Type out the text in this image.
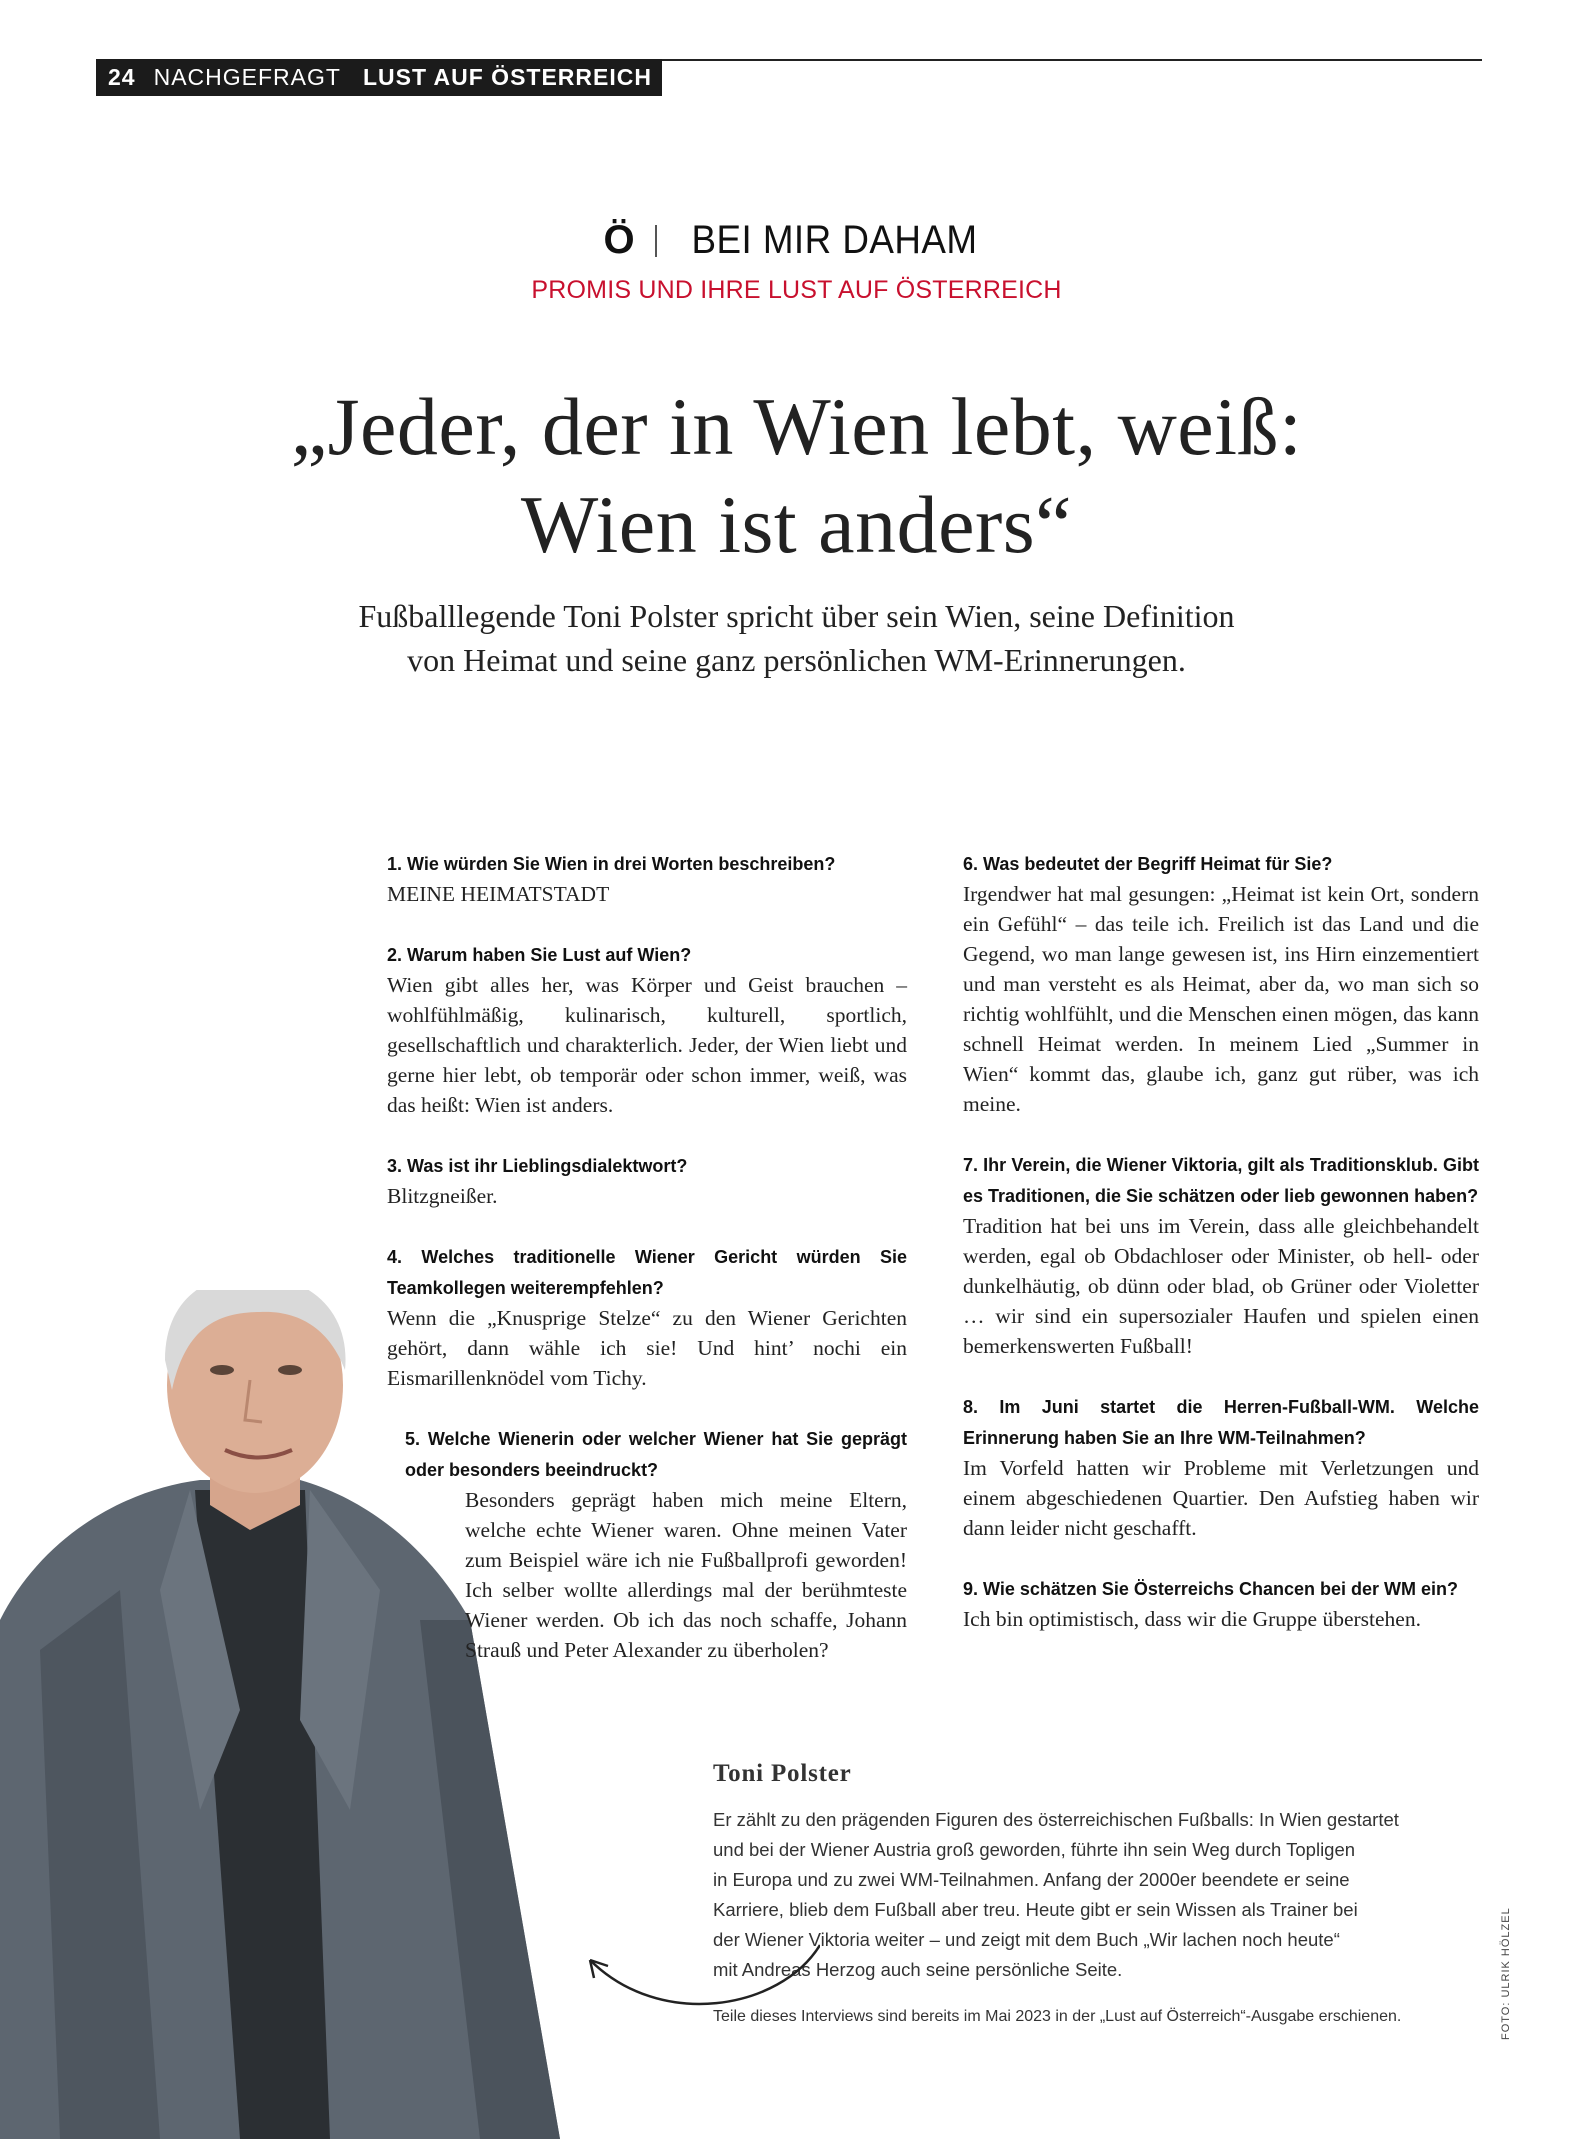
24 NACHGEFRAGT LUST AUF ÖSTERREICH
Ö BEI MIR DAHAM
PROMIS UND IHRE LUST AUF ÖSTERREICH
„Jeder, der in Wien lebt, weiß:
Wien ist anders“
Fußballlegende Toni Polster spricht über sein Wien, seine Definition
von Heimat und seine ganz persönlichen WM-Erinnerungen.
1. Wie würden Sie Wien in drei Worten beschreiben?
MEINE HEIMATSTADT
2. Warum haben Sie Lust auf Wien?
Wien gibt alles her, was Körper und Geist brauchen – wohlfühlmäßig, kulinarisch, kulturell, sportlich, gesellschaftlich und charakterlich. Jeder, der Wien liebt und gerne hier lebt, ob temporär oder schon immer, weiß, was das heißt: Wien ist anders.
3. Was ist ihr Lieblingsdialektwort?
Blitzgneißer.
4. Welches traditionelle Wiener Gericht würden Sie Teamkollegen weiterempfehlen?
Wenn die „Knusprige Stelze“ zu den Wiener Gerichten gehört, dann wähle ich sie! Und hint’ nochi ein Eismarillenknödel vom Tichy.
5. Welche Wienerin oder welcher Wiener hat Sie geprägt oder besonders beeindruckt?
Besonders geprägt haben mich meine Eltern, welche echte Wiener waren. Ohne meinen Vater zum Beispiel wäre ich nie Fußballprofi geworden! Ich selber wollte allerdings mal der berühmteste Wiener werden. Ob ich das noch schaffe, Johann Strauß und Peter Alexander zu überholen?
6. Was bedeutet der Begriff Heimat für Sie?
Irgendwer hat mal gesungen: „Heimat ist kein Ort, sondern ein Gefühl“ – das teile ich. Freilich ist das Land und die Gegend, wo man lange gewesen ist, ins Hirn einzementiert und man versteht es als Heimat, aber da, wo man sich so richtig wohlfühlt, und die Menschen einen mögen, das kann schnell Heimat werden. In meinem Lied „Summer in Wien“ kommt das, glaube ich, ganz gut rüber, was ich meine.
7. Ihr Verein, die Wiener Viktoria, gilt als Traditionsklub. Gibt es Traditionen, die Sie schätzen oder lieb gewonnen haben?
Tradition hat bei uns im Verein, dass alle gleichbehandelt werden, egal ob Obdachloser oder Minister, ob hell- oder dunkelhäutig, ob dünn oder blad, ob Grüner oder Violetter … wir sind ein supersozialer Haufen und spielen einen bemerkenswerten Fußball!
8. Im Juni startet die Herren-Fußball-WM. Welche Erinnerung haben Sie an Ihre WM-Teilnahmen?
Im Vorfeld hatten wir Probleme mit Verletzungen und einem abgeschiedenen Quartier. Den Aufstieg haben wir dann leider nicht geschafft.
9. Wie schätzen Sie Österreichs Chancen bei der WM ein?
Ich bin optimistisch, dass wir die Gruppe überstehen.
Toni Polster
Er zählt zu den prägenden Figuren des österreichischen Fußballs: In Wien gestartet
und bei der Wiener Austria groß geworden, führte ihn sein Weg durch Topligen
in Europa und zu zwei WM-Teilnahmen. Anfang der 2000er beendete er seine
Karriere, blieb dem Fußball aber treu. Heute gibt er sein Wissen als Trainer bei
der Wiener Viktoria weiter – und zeigt mit dem Buch „Wir lachen noch heute“
mit Andreas Herzog auch seine persönliche Seite.
Teile dieses Interviews sind bereits im Mai 2023 in der „Lust auf Österreich“-Ausgabe erschienen.	FOTO: ULRIK HÖLZEL
